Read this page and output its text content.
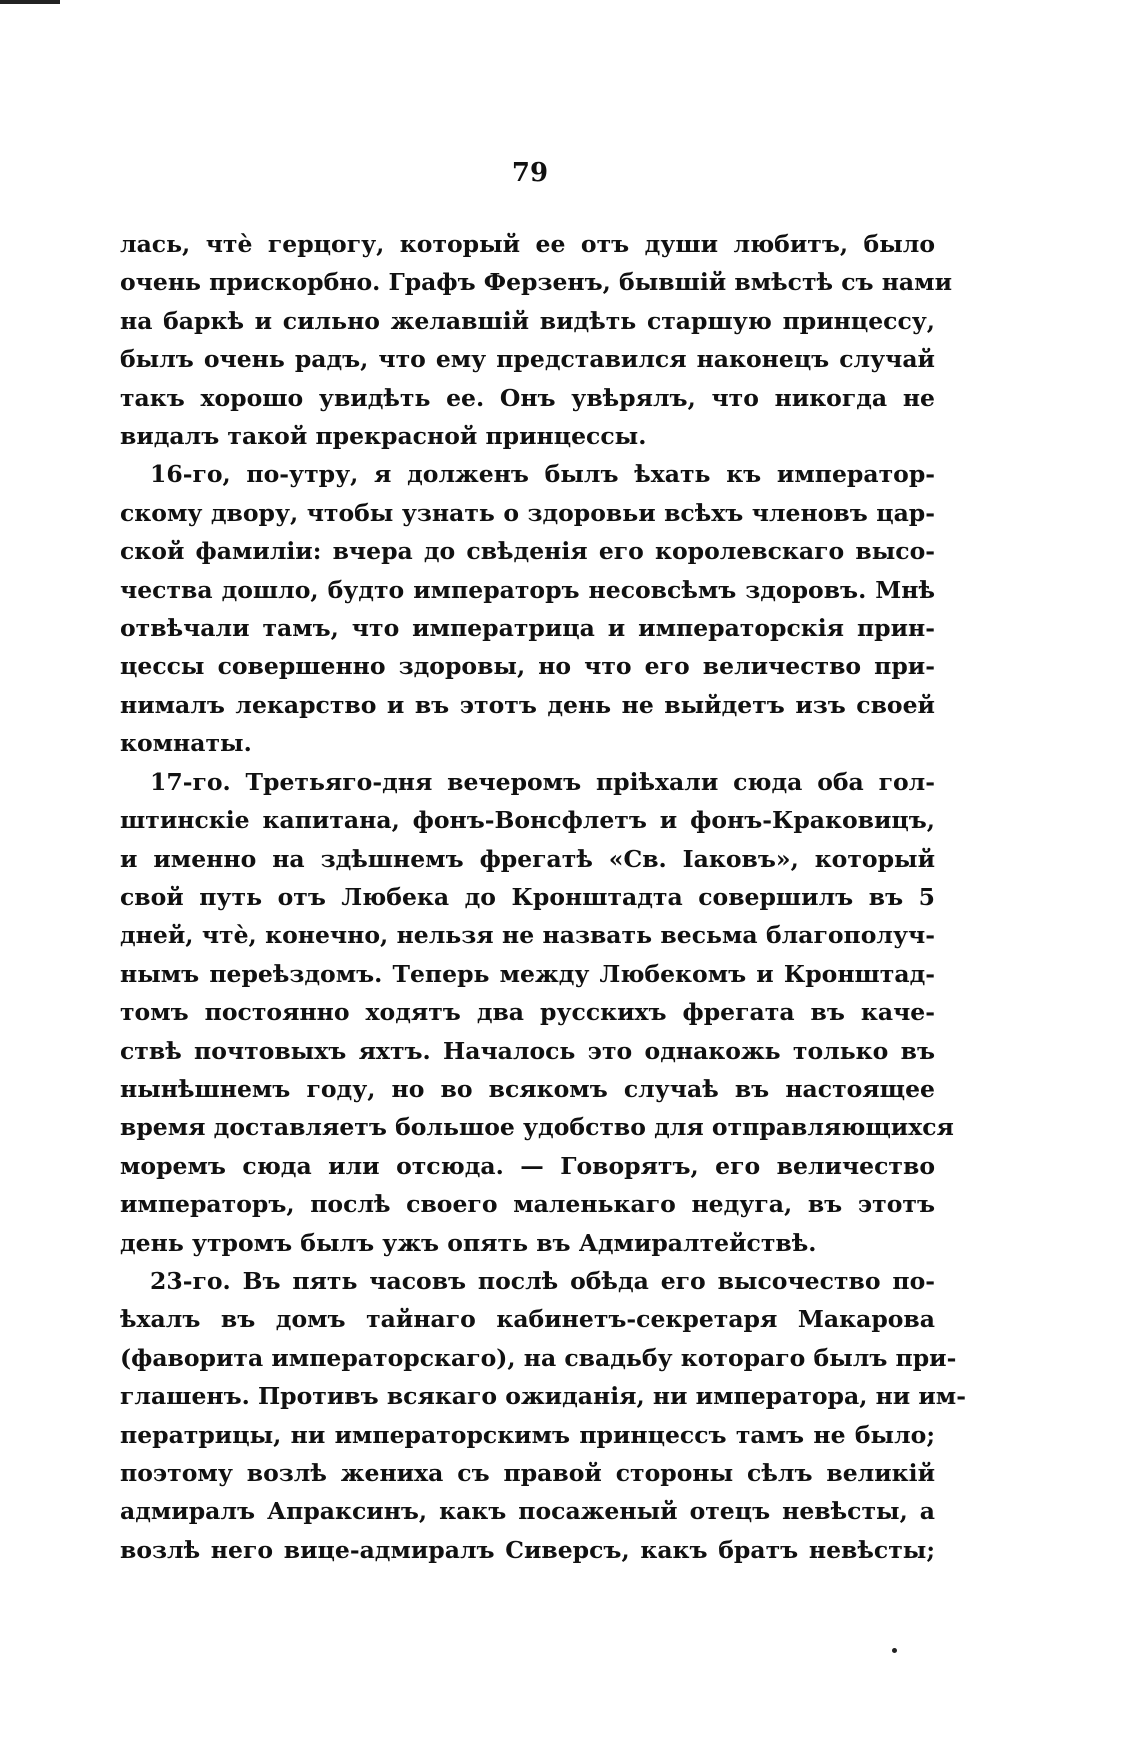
79
лась, чтѐ герцогу, который ее отъ души любитъ, было
очень прискорбно. Графъ Ферзенъ, бывшій вмѣстѣ съ нами
на баркѣ и сильно желавшій видѣть старшую принцессу,
былъ очень радъ, что ему представился наконецъ случай
такъ хорошо увидѣть ее. Онъ увѣрялъ, что никогда не
видалъ такой прекрасной принцессы.
16-го, по-утру, я долженъ былъ ѣхать къ император-
скому двору, чтобы узнать о здоровьи всѣхъ членовъ цар-
ской фамиліи: вчера до свѣденія его королевскаго высо-
чества дошло, будто императоръ несовсѣмъ здоровъ. Мнѣ
отвѣчали тамъ, что императрица и императорскія прин-
цессы совершенно здоровы, но что его величество при-
нималъ лекарство и въ этотъ день не выйдетъ изъ своей
комнаты.
17-го. Третьяго-дня вечеромъ пріѣхали сюда оба гол-
штинскіе капитана, фонъ-Вонсфлетъ и фонъ-Краковицъ,
и именно на здѣшнемъ фрегатѣ «Св. Іаковъ», который
свой путь отъ Любека до Кронштадта совершилъ въ 5
дней, чтѐ, конечно, нельзя не назвать весьма благополуч-
нымъ переѣздомъ. Теперь между Любекомъ и Кронштад-
томъ постоянно ходятъ два русскихъ фрегата въ каче-
ствѣ почтовыхъ яхтъ. Началось это однакожь только въ
нынѣшнемъ году, но во всякомъ случаѣ въ настоящее
время доставляетъ большое удобство для отправляющихся
моремъ сюда или отсюда. — Говорятъ, его величество
императоръ, послѣ своего маленькаго недуга, въ этотъ
день утромъ былъ ужъ опять въ Адмиралтействѣ.
23-го. Въ пять часовъ послѣ обѣда его высочество по-
ѣхалъ въ домъ тайнаго кабинетъ-секретаря Макарова
(фаворита императорскаго), на свадьбу котораго былъ при-
глашенъ. Противъ всякаго ожиданія, ни императора, ни им-
ператрицы, ни императорскимъ принцессъ тамъ не было;
поэтому возлѣ жениха съ правой стороны сѣлъ великій
адмиралъ Апраксинъ, какъ посаженый отецъ невѣсты, а
возлѣ него вице-адмиралъ Сиверсъ, какъ братъ невѣсты;
